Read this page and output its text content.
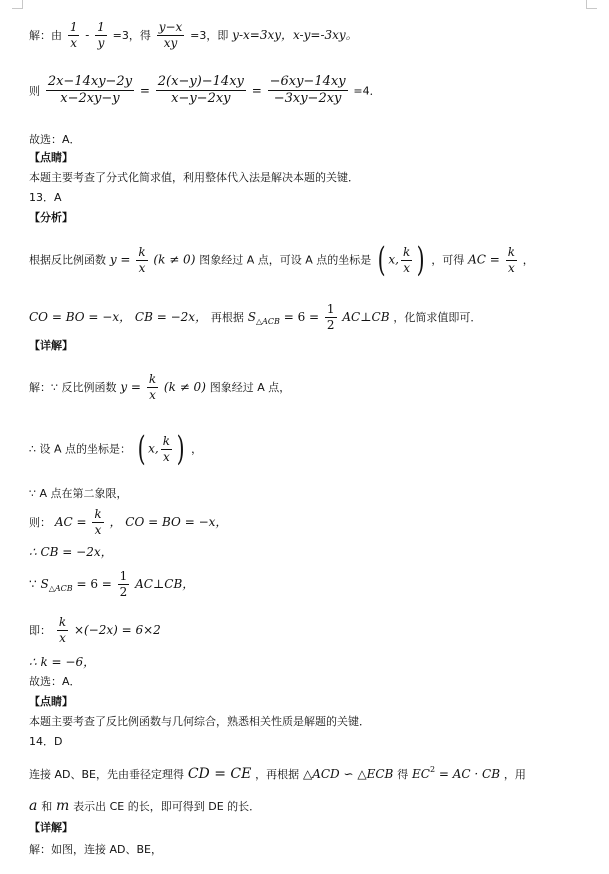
解：由 $\frac{1}{x} - \frac{1}{y} =3$，得 $\frac{y-x}{xy} =3$，即 y-x=3xy，x-y=-3xy。
则 $\frac{2x-14xy-2y}{x-2xy-y} = \frac{2(x-y)-14xy}{x-y-2xy} = \frac{-6xy-14xy}{-3xy-2xy} =4$．
故选：A．
【点睛】
本题主要考查了分式化简求值，利用整体代入法是解决本题的关键．
13．A
【分析】
根据反比例函数 $y = \frac{k}{x} (k \ne 0)$ 图象经过 A 点，可设 A 点的坐标是 ( x, $\frac{k}{x}$ ) ，可得 AC = $\frac{k}{x}$ ，
CO = BO = −x， CB = −2x， 再根据 $S_{\triangle ACB} = 6 = \frac{1}{2}$ AC⊥CB ，化简求值即可．
【详解】
解：∵ 反比例函数 $y = \frac{k}{x} (k \ne 0)$ 图象经过 A 点，
∴ 设 A 点的坐标是： ( x, $\frac{k}{x}$ ) ，
∵ A 点在第二象限，
则： AC = $\frac{k}{x}$ ， CO = BO = −x，
∴ CB = −2x，
∵ $S_{\triangle ACB} = 6 = \frac{1}{2}$ AC⊥CB，
即： $\frac{k}{x} \times(-2x) = 6\times 2$
∴ k = −6，
故选：A．
【点睛】
本题主要考查了反比例函数与几何综合，熟悉相关性质是解题的关键．
14．D
连接 AD、BE，先由垂径定理得 CD = CE ，再根据 △ACD ∽ △ECB 得 $EC^2$ = AC · CB ，用
a 和 m 表示出 CE 的长，即可得到 DE 的长．
【详解】
解：如图，连接 AD、BE，
